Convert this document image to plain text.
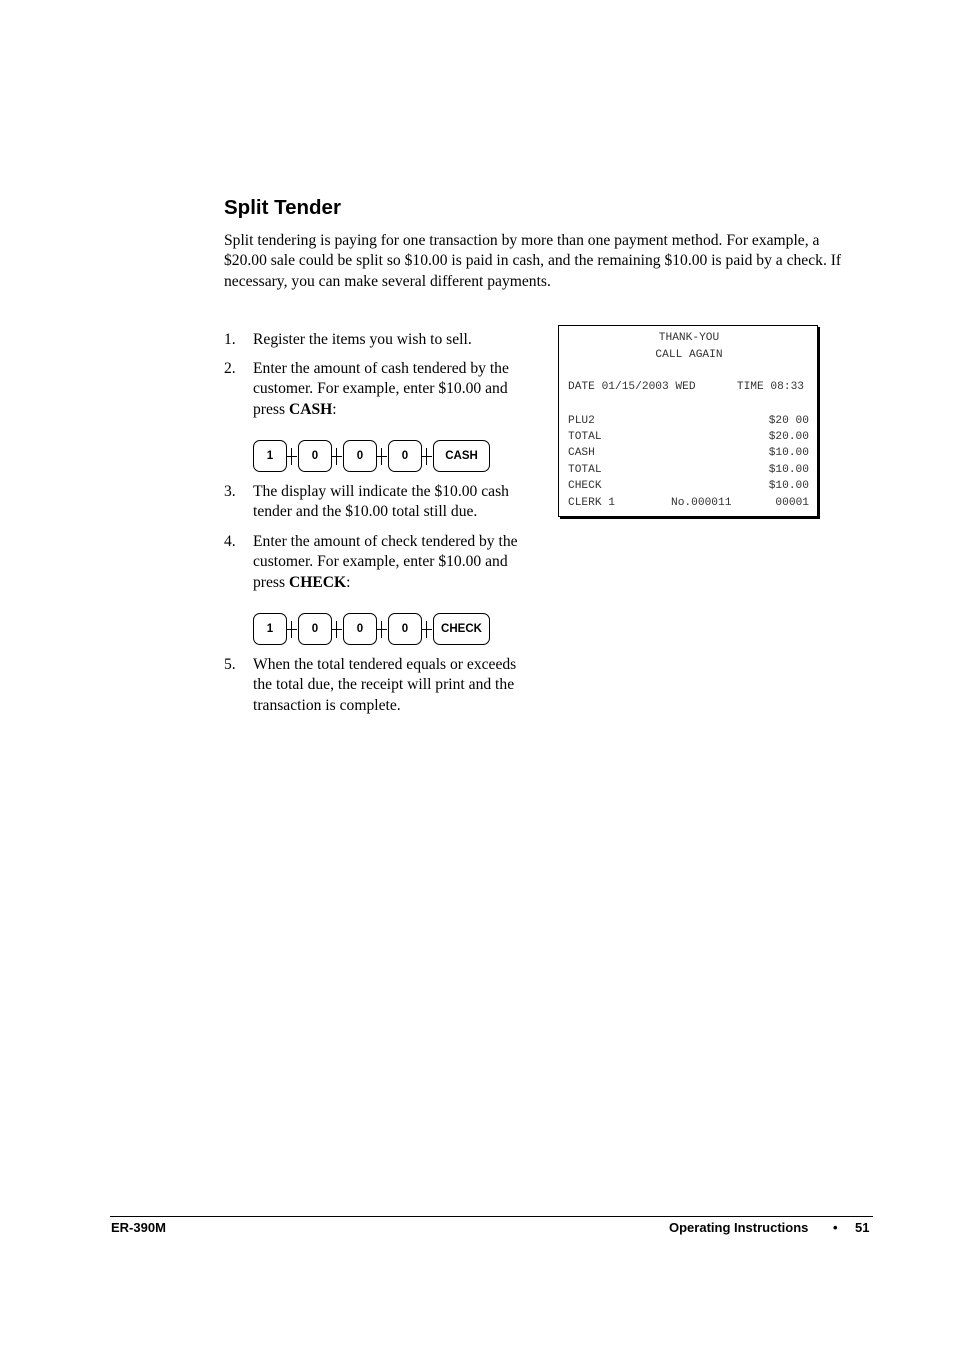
Split Tender

Split tendering is paying for one transaction by more than one payment method. For example, a $20.00 sale could be split so $10.00 is paid in cash, and the remaining $10.00 is paid by a check. If necessary, you can make several different payments.

1. Register the items you wish to sell.
2. Enter the amount of cash tendered by the customer. For example, enter $10.00 and press CASH:
1	0	0	0	CASH
3. The display will indicate the $10.00 cash tender and the $10.00 total still due.
4. Enter the amount of check tendered by the customer. For example, enter $10.00 and press CHECK:
1	0	0	0	CHECK
5. When the total tendered equals or exceeds the total due, the receipt will print and the transaction is complete.
THANK-YOU
CALL AGAIN
DATE 01/15/2003 WED	TIME 08:33
PLU2	$20 00
TOTAL	$20.00
CASH	$10.00
TOTAL	$10.00
CHECK	$10.00
CLERK 1	No.000011	00001
ER-390M	Operating Instructions • 51
